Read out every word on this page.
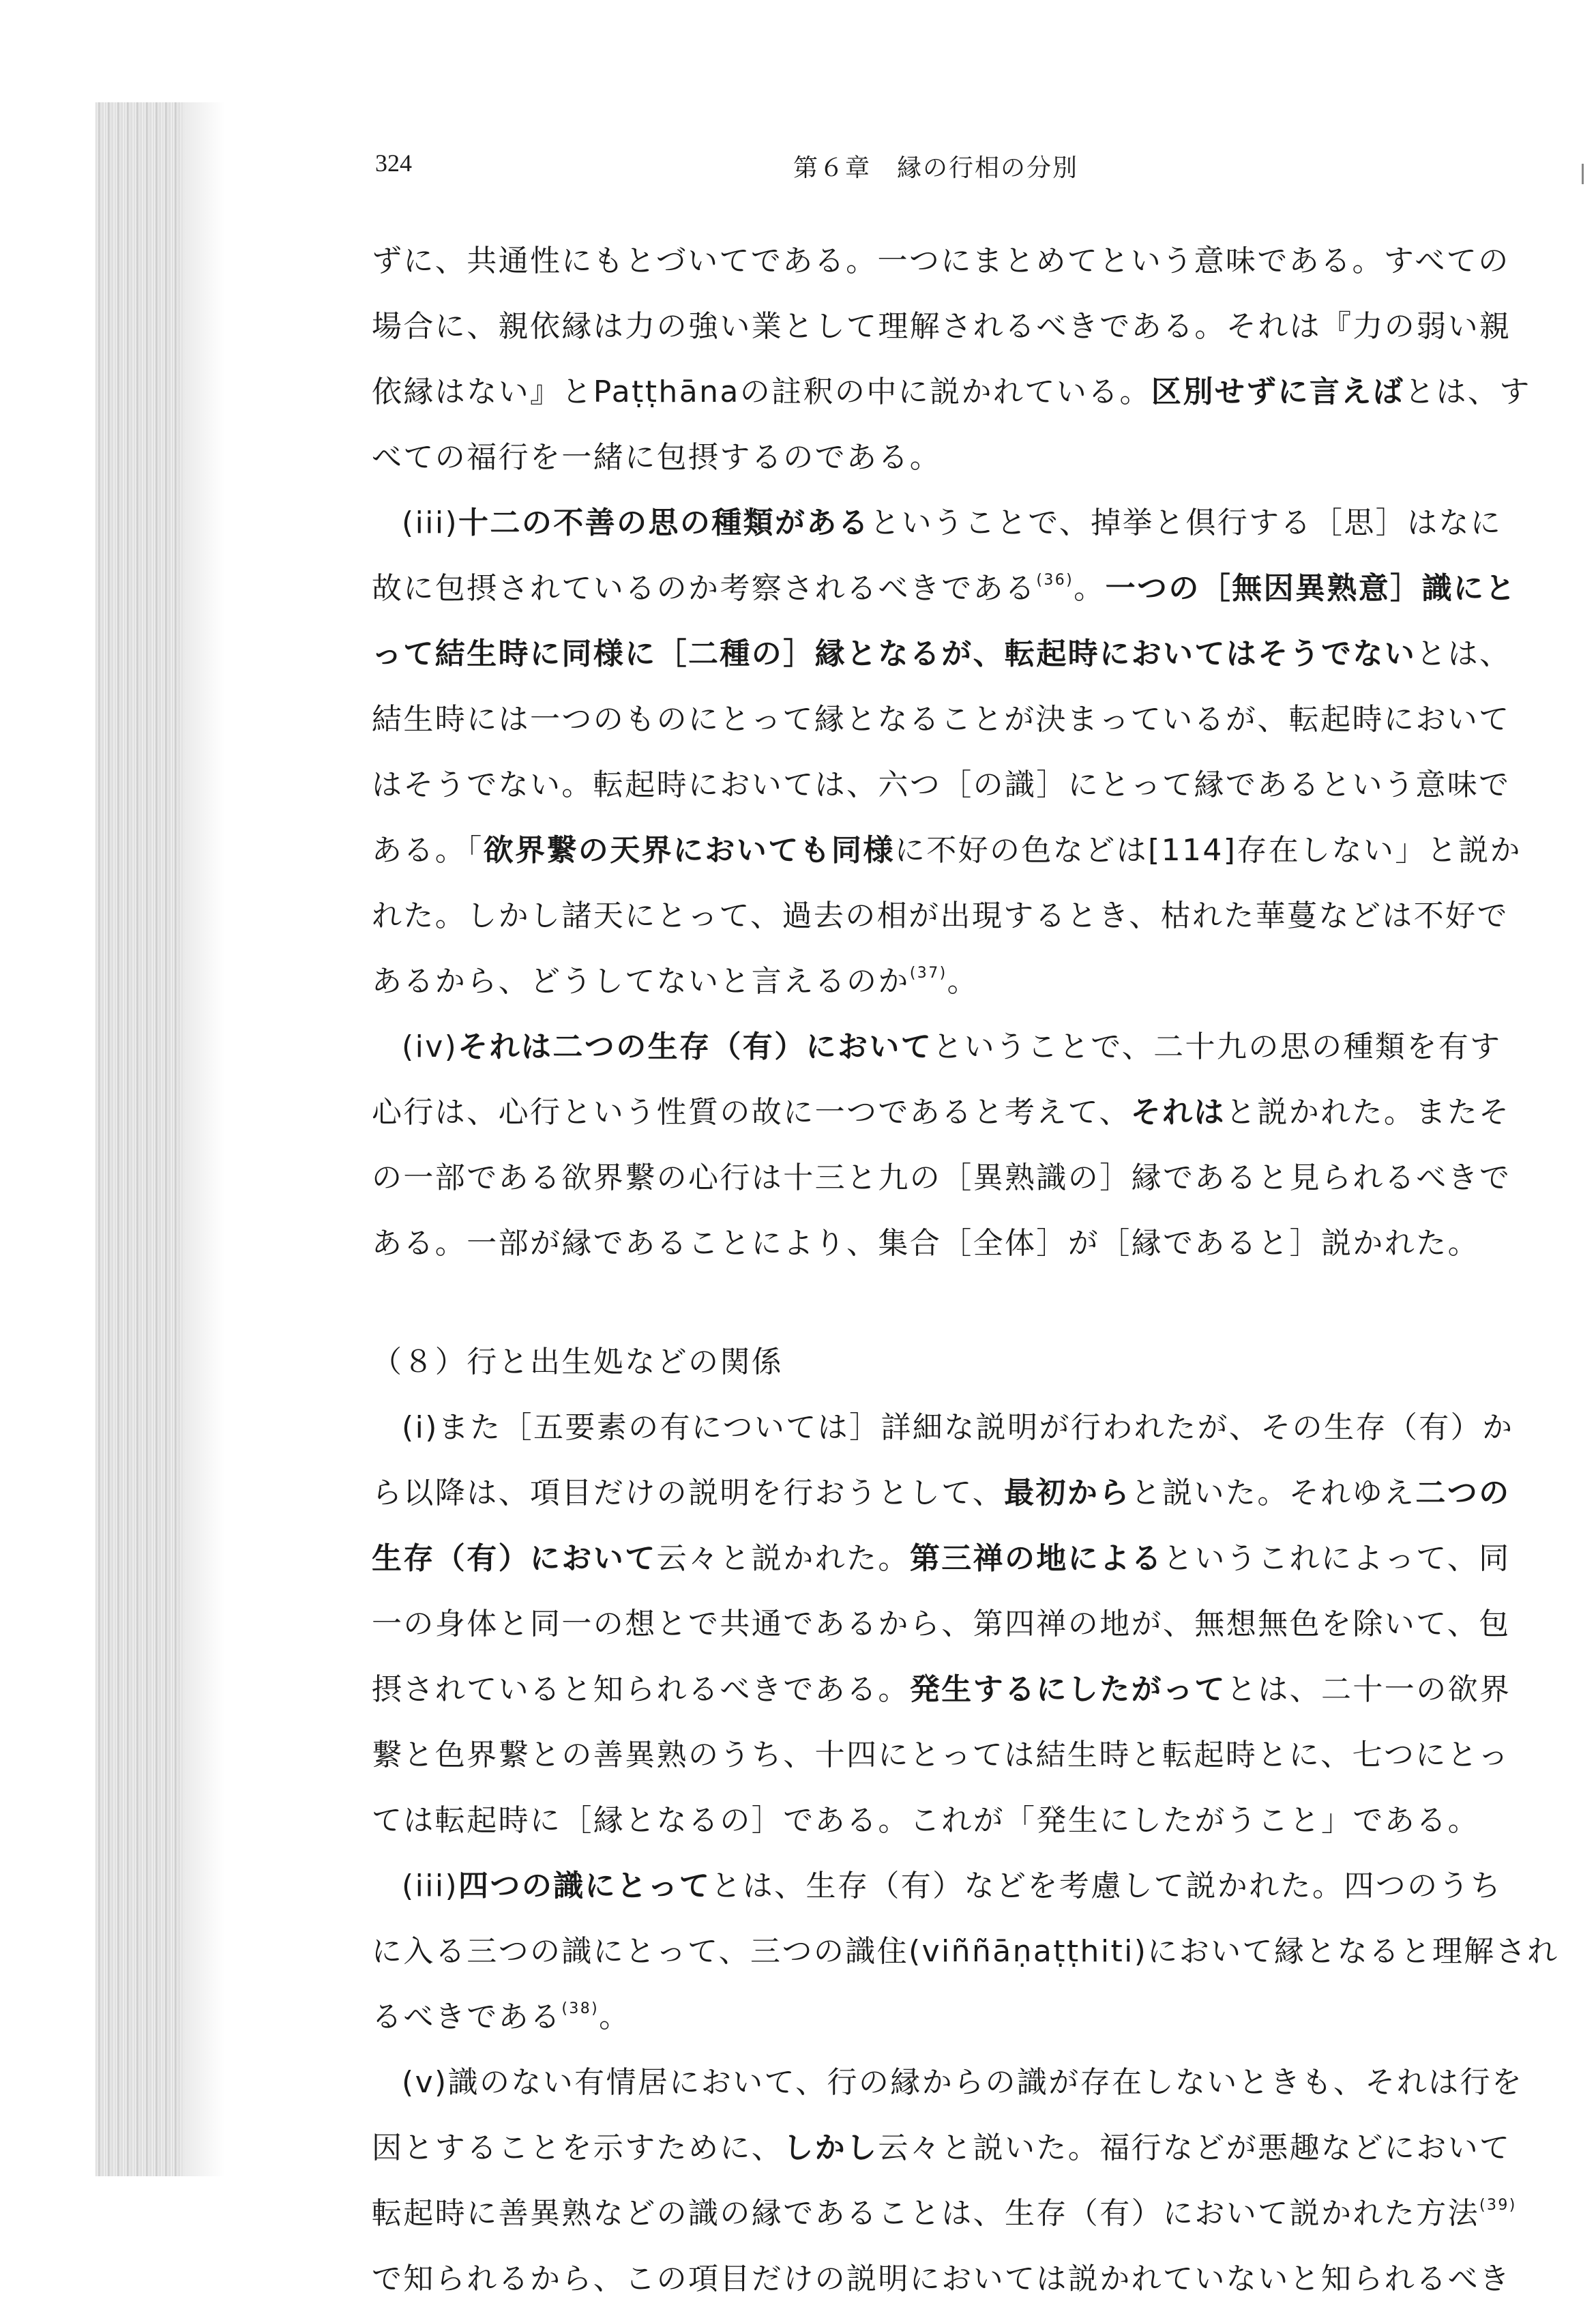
324	第６章　縁の行相の分別
ずに、共通性にもとづいてである。一つにまとめてという意味である。すべての
場合に、親依縁は力の強い業として理解されるべきである。それは『力の弱い親
依縁はない』とPaṭṭhānaの註釈の中に説かれている。区別せずに言えばとは、す
べての福行を一緒に包摂するのである。
(iii)十二の不善の思の種類があるということで、掉挙と倶行する［思］はなに
故に包摂されているのか考察されるべきである$^{(36)}$。一つの［無因異熟意］識にと
って結生時に同様に［二種の］縁となるが、転起時においてはそうでないとは、
結生時には一つのものにとって縁となることが決まっているが、転起時において
はそうでない。転起時においては、六つ［の識］にとって縁であるという意味で
ある。「欲界繋の天界においても同様に不好の色などは[114]存在しない」と説か
れた。しかし諸天にとって、過去の相が出現するとき、枯れた華蔓などは不好で
あるから、どうしてないと言えるのか$^{(37)}$。
(iv)それは二つの生存（有）においてということで、二十九の思の種類を有す
心行は、心行という性質の故に一つであると考えて、それはと説かれた。またそ
の一部である欲界繋の心行は十三と九の［異熟識の］縁であると見られるべきで
ある。一部が縁であることにより、集合［全体］が［縁であると］説かれた。
（８）行と出生処などの関係
(i)また［五要素の有については］詳細な説明が行われたが、その生存（有）か
ら以降は、項目だけの説明を行おうとして、最初からと説いた。それゆえ二つの
生存（有）において云々と説かれた。第三禅の地によるというこれによって、同
一の身体と同一の想とで共通であるから、第四禅の地が、無想無色を除いて、包
摂されていると知られるべきである。発生するにしたがってとは、二十一の欲界
繋と色界繋との善異熟のうち、十四にとっては結生時と転起時とに、七つにとっ
ては転起時に［縁となるの］である。これが「発生にしたがうこと」である。
(iii)四つの識にとってとは、生存（有）などを考慮して説かれた。四つのうち
に入る三つの識にとって、三つの識住(viññāṇaṭṭhiti)において縁となると理解され
るべきである$^{(38)}$。
(v)識のない有情居において、行の縁からの識が存在しないときも、それは行を
因とすることを示すために、しかし云々と説いた。福行などが悪趣などにおいて
転起時に善異熟などの識の縁であることは、生存（有）において説かれた方法$^{(39)}$
で知られるから、この項目だけの説明においては説かれていないと知られるべき
